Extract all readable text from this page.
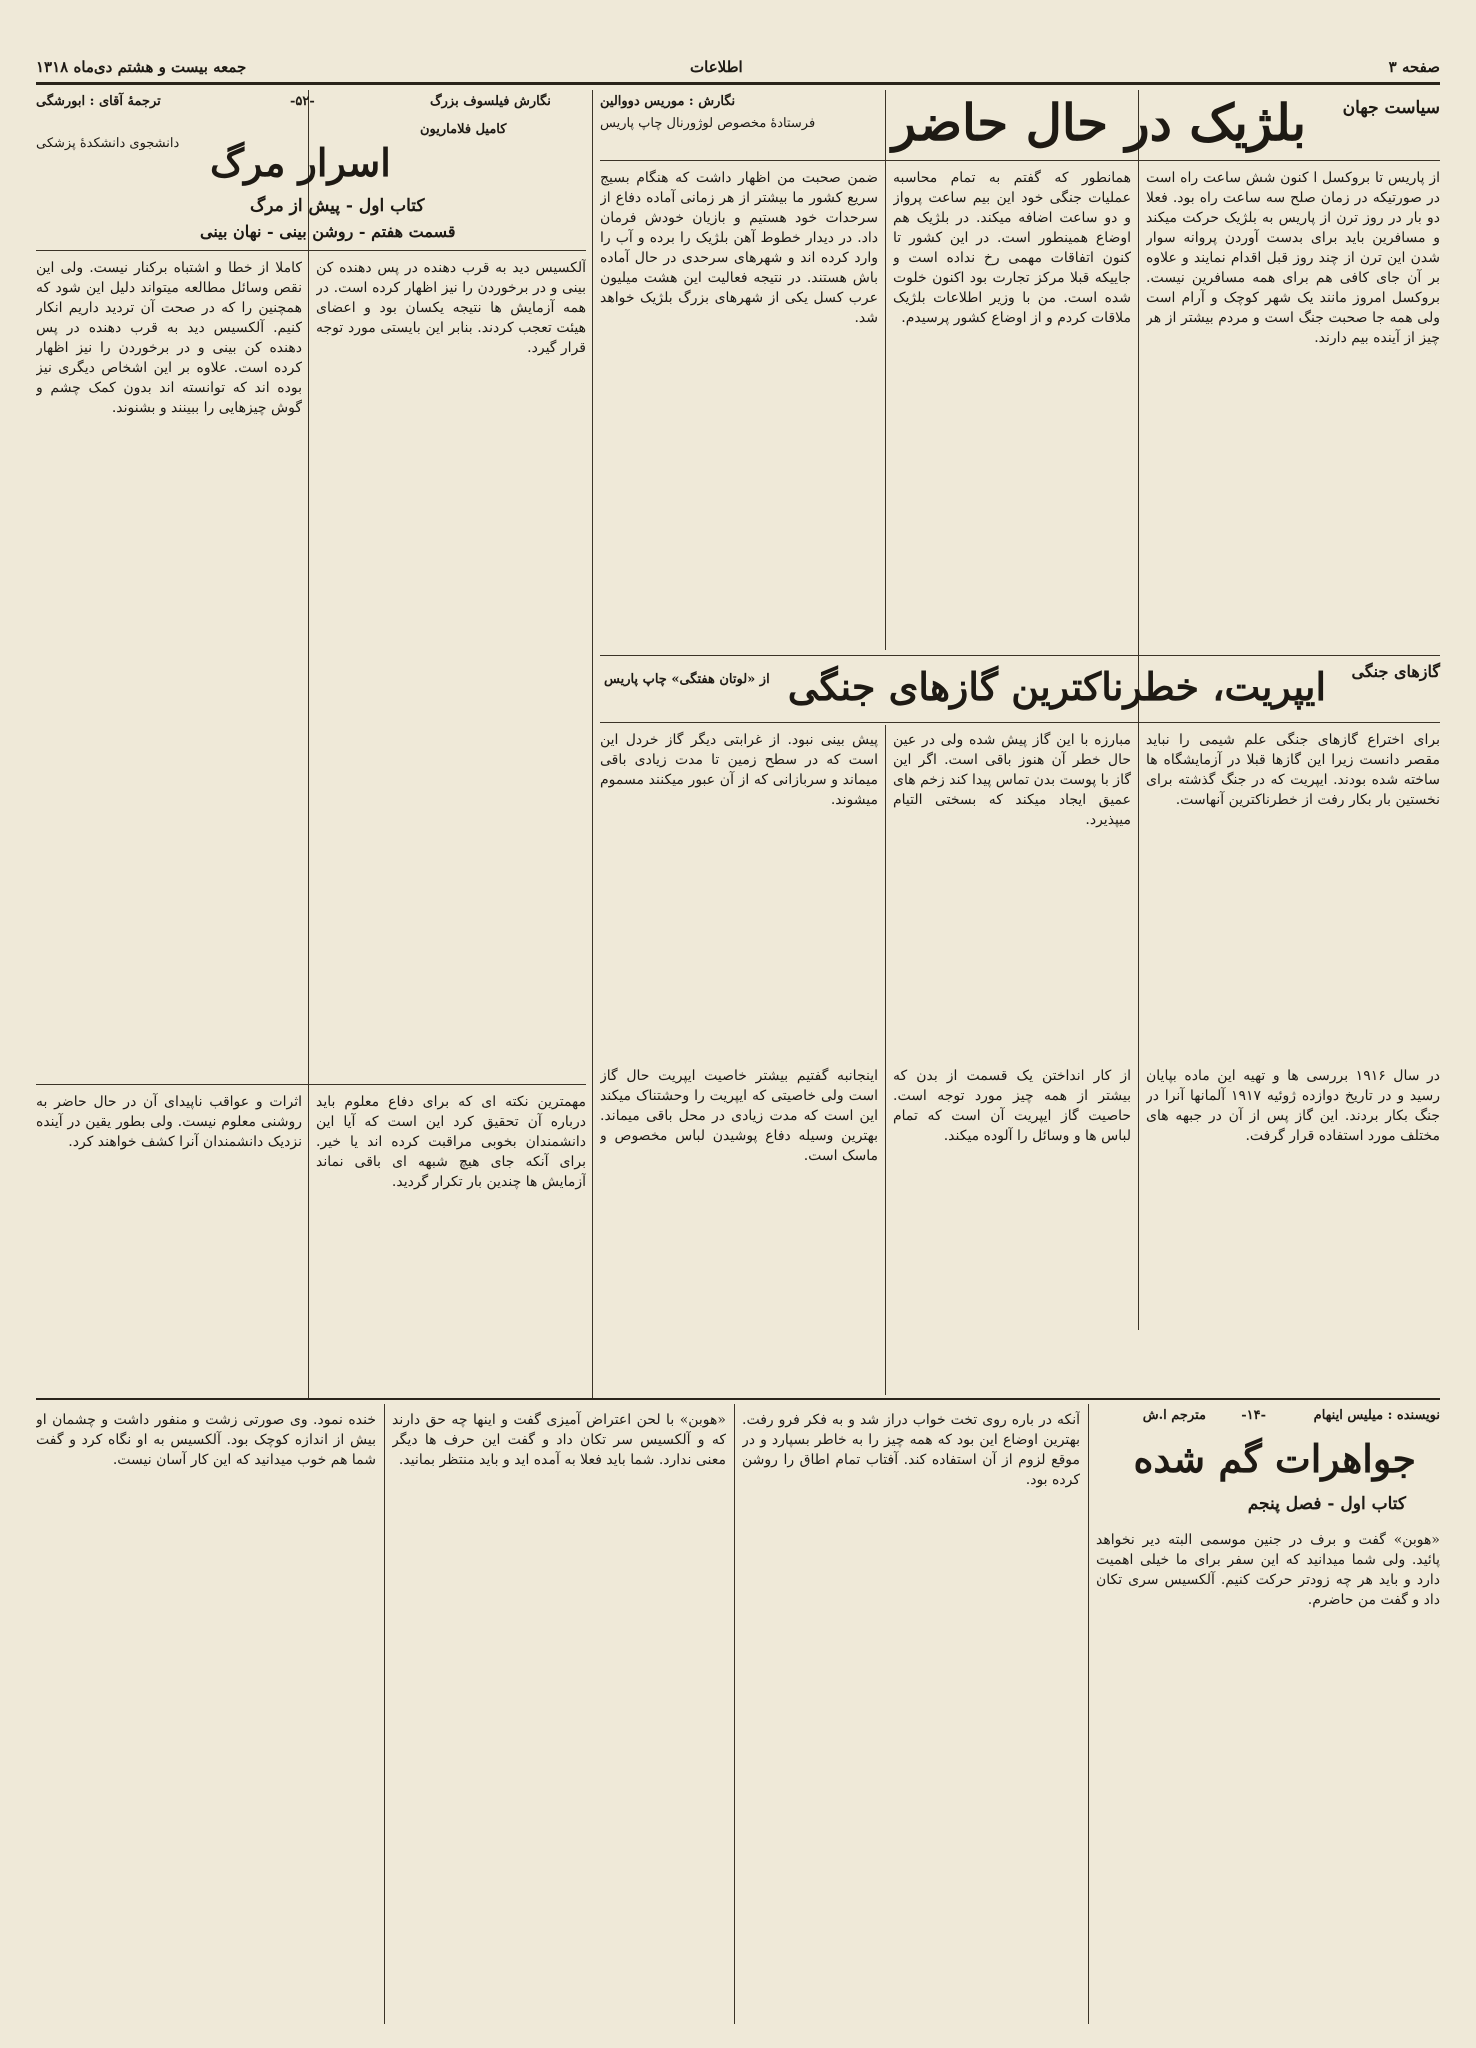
صفحه ۳
اطلاعات
جمعه بیست و هشتم دی‌ماه ۱۳۱۸
سیاست جهان
بلژیک در حال حاضر
نگارش : موریس دووالین
فرستادهٔ مخصوص لوژورنال چاپ پاریس
از پاریس تا بروکسل ا کنون شش ساعت راه است در صورتیکه در زمان صلح سه ساعت راه بود. فعلا دو بار در روز ترن از پاریس به بلژیک حرکت میکند و مسافرین باید برای بدست آوردن پروانه سوار شدن این ترن از چند روز قبل اقدام نمایند و علاوه بر آن جای کافی هم برای همه مسافرین نیست. بروکسل امروز مانند یک شهر کوچک و آرام است ولی همه جا صحبت جنگ است و مردم بیشتر از هر چیز از آینده بیم دارند.
همانطور که گفتم به تمام محاسبه عملیات جنگی خود این بیم ساعت پرواز و دو ساعت اضافه میکند. در بلژیک هم اوضاع همینطور است. در این کشور تا کنون اتفاقات مهمی رخ نداده است و جاییکه قبلا مرکز تجارت بود اکنون خلوت شده است. من با وزیر اطلاعات بلژیک ملاقات کردم و از اوضاع کشور پرسیدم.
ضمن صحبت من اظهار داشت که هنگام بسیج سریع کشور ما بیشتر از هر زمانی آماده دفاع از سرحدات خود هستیم و بازیان خودش فرمان داد. در دیدار خطوط آهن بلژیک را برده و آب را وارد کرده اند و شهرهای سرحدی در حال آماده باش هستند. در نتیجه فعالیت این هشت میلیون عرب کسل یکی از شهرهای بزرگ بلژیک خواهد شد.
گازهای جنگی
ایپریت، خطرناکترین گازهای جنگی
از «لوتان هفتگی» چاپ پاریس
برای اختراع گازهای جنگی علم شیمی را نباید مقصر دانست زیرا این گازها قبلا در آزمایشگاه ها ساخته شده بودند. ایپریت که در جنگ گذشته برای نخستین بار بکار رفت از خطرناکترین آنهاست.
مبارزه با این گاز پیش شده ولی در عین حال خطر آن هنوز باقی است. اگر این گاز با پوست بدن تماس پیدا کند زخم های عمیق ایجاد میکند که بسختی التیام میپذیرد.
پیش بینی نبود. از غرابتی دیگر گاز خردل این است که در سطح زمین تا مدت زیادی باقی میماند و سربازانی که از آن عبور میکنند مسموم میشوند.
در سال ۱۹۱۶ بررسی ها و تهیه این ماده بپایان رسید و در تاریخ دوازده ژوئیه ۱۹۱۷ آلمانها آنرا در جنگ بکار بردند. این گاز پس از آن در جبهه های مختلف مورد استفاده قرار گرفت.
از کار انداختن یک قسمت از بدن که بیشتر از همه چیز مورد توجه است. حاصیت گاز ایپریت آن است که تمام لباس ها و وسائل را آلوده میکند.
اینجانبه گفتیم بیشتر خاصیت ایپریت حال گاز است ولی خاصیتی که ایپریت را وحشتناک میکند این است که مدت زیادی در محل باقی میماند. بهترین وسیله دفاع پوشیدن لباس مخصوص و ماسک است.
ترجمهٔ آقای : ابورشگی	-۵۲-	نگارش فیلسوف بزرگ
کامیل فلاماریون
دانشجوی دانشکدهٔ پزشکی اسرار مرگ
کتاب اول - پیش از مرگ
قسمت هفتم - روشن بینی - نهان بینی
آلکسیس دید به قرب دهنده در پس دهنده کن بینی و در برخوردن را نیز اظهار کرده است. در همه آزمایش ها نتیجه یکسان بود و اعضای هیئت تعجب کردند. بنابر این بایستی مورد توجه قرار گیرد.
کاملا از خطا و اشتباه برکنار نیست. ولی این نقص وسائل مطالعه میتواند دلیل این شود که همچنین را که در صحت آن تردید داریم انکار کنیم. آلکسیس دید به قرب دهنده در پس دهنده کن بینی و در برخوردن را نیز اظهار کرده است. علاوه بر این اشخاص دیگری نیز بوده اند که توانسته اند بدون کمک چشم و گوش چیزهایی را ببینند و بشنوند.
مهمترین نکته ای که برای دفاع معلوم باید درباره آن تحقیق کرد این است که آیا این دانشمندان بخوبی مراقبت کرده اند یا خیر. برای آنکه جای هیچ شبهه ای باقی نماند آزمایش ها چندین بار تکرار گردید.
اثرات و عواقب ناپیدای آن در حال حاضر به روشنی معلوم نیست. ولی بطور یقین در آینده نزدیک دانشمندان آنرا کشف خواهند کرد.
نویسنده : میلیس اینهام
-۱۴-
مترجم ا.ش
جواهرات گم شده
کتاب اول - فصل پنجم
«هوبن» گفت و برف در جنین موسمی البته دیر نخواهد پائید. ولی شما میدانید که این سفر برای ما خیلی اهمیت دارد و باید هر چه زودتر حرکت کنیم. آلکسیس سری تکان داد و گفت من حاضرم.
آنکه در باره روی تخت خواب دراز شد و به فکر فرو رفت. بهترین اوضاع این بود که همه چیز را به خاطر بسپارد و در موقع لزوم از آن استفاده کند. آفتاب تمام اطاق را روشن کرده بود.
«هوبن» با لحن اعتراض آمیزی گفت و اینها چه حق دارند که و آلکسیس سر تکان داد و گفت این حرف ها دیگر معنی ندارد. شما باید فعلا به آمده اید و باید منتظر بمانید.
خنده نمود. وی صورتی زشت و منفور داشت و چشمان او بیش از اندازه کوچک بود. آلکسیس به او نگاه کرد و گفت شما هم خوب میدانید که این کار آسان نیست.
